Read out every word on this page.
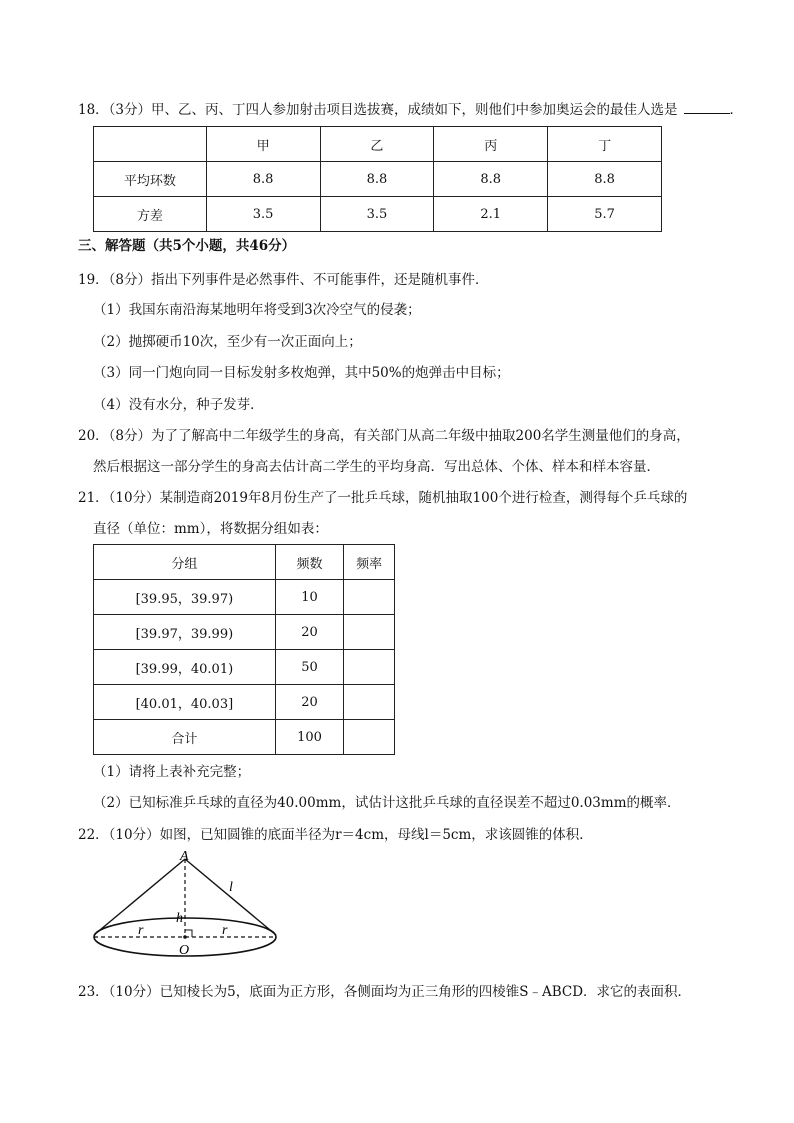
18．（3分）甲、乙、丙、丁四人参加射击项目选拔赛，成绩如下，则他们中参加奥运会的最佳人选是	．
	甲	乙	丙	丁
平均环数	8.8	8.8	8.8	8.8
方差	3.5	3.5	2.1	5.7
三、解答题（共5个小题，共46分）
19．（8分）指出下列事件是必然事件、不可能事件，还是随机事件．
（1）我国东南沿海某地明年将受到3次冷空气的侵袭；
（2）抛掷硬币10次，至少有一次正面向上；
（3）同一门炮向同一目标发射多枚炮弹，其中50%的炮弹击中目标；
（4）没有水分，种子发芽．
20．（8分）为了了解高中二年级学生的身高，有关部门从高二年级中抽取200名学生测量他们的身高，
然后根据这一部分学生的身高去估计高二学生的平均身高．写出总体、个体、样本和样本容量．
21．（10分）某制造商2019年8月份生产了一批乒乓球，随机抽取100个进行检查，测得每个乒乓球的
直径（单位：mm），将数据分组如表：
分组	频数	频率
[39.95，39.97)	10	
[39.97，39.99)	20	
[39.99，40.01)	50	
[40.01，40.03]	20	
合计	100	
（1）请将上表补充完整；
（2）已知标准乒乓球的直径为40.00mm，试估计这批乒乓球的直径误差不超过0.03mm的概率．
22．（10分）如图，已知圆锥的底面半径为r＝4cm，母线l＝5cm，求该圆锥的体积．
A
l
h
r	r
O
23．（10分）已知棱长为5，底面为正方形，各侧面均为正三角形的四棱锥S﹣ABCD．求它的表面积．
